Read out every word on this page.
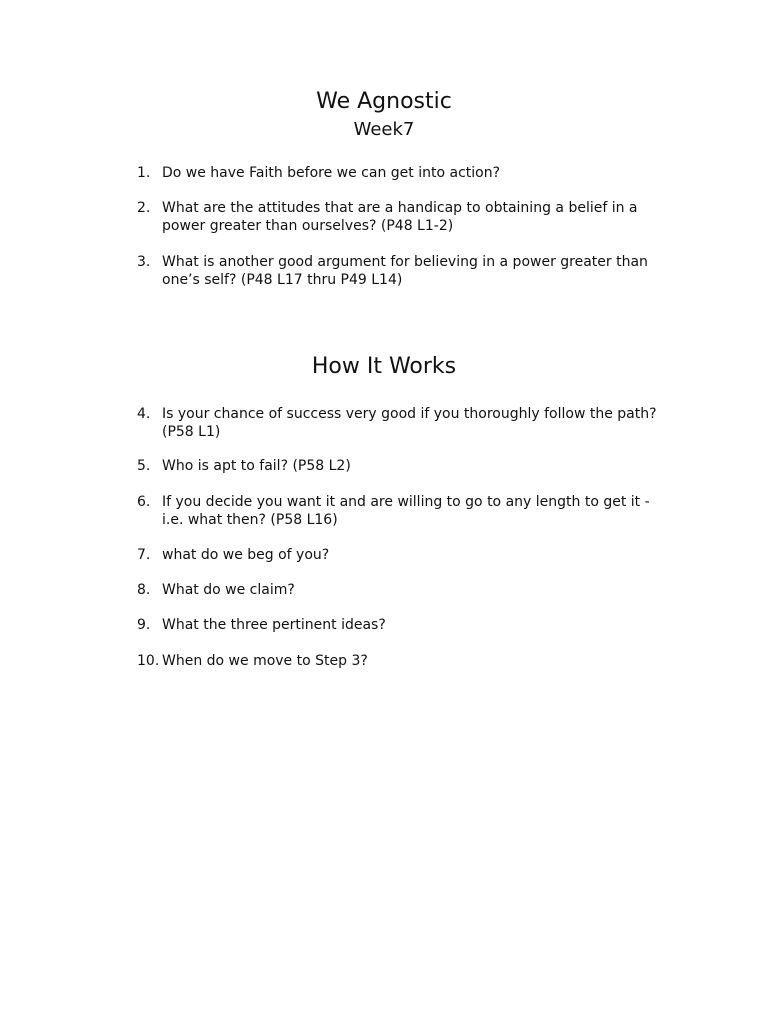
We Agnostic
Week7
1. Do we have Faith before we can get into action?
2. What are the attitudes that are a handicap to obtaining a belief in a
power greater than ourselves? (P48 L1-2)
3. What is another good argument for believing in a power greater than
one’s self? (P48 L17 thru P49 L14)
How It Works
4. Is your chance of success very good if you thoroughly follow the path?
(P58 L1)
5. Who is apt to fail? (P58 L2)
6. If you decide you want it and are willing to go to any length to get it -
i.e. what then? (P58 L16)
7. what do we beg of you?
8. What do we claim?
9. What the three pertinent ideas?
10. When do we move to Step 3?
